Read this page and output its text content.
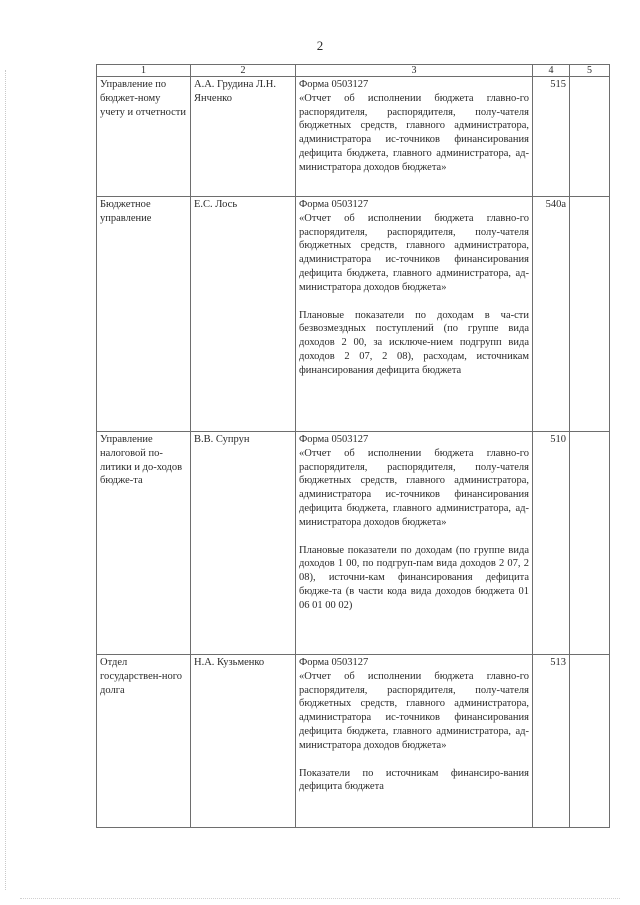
2
1	2	3	4	5
Управление по бюджет-ному учету и отчетности	А.А. Грудина Л.Н. Янченко	Форма 0503127
«Отчет об исполнении бюджета главно-го распорядителя, распорядителя, полу-чателя бюджетных средств, главного администратора, администратора ис-точников финансирования дефицита бюджета, главного администратора, ад-министратора доходов бюджета»	515	
Бюджетное управление	Е.С. Лось	Форма 0503127
«Отчет об исполнении бюджета главно-го распорядителя, распорядителя, полу-чателя бюджетных средств, главного администратора, администратора ис-точников финансирования дефицита бюджета, главного администратора, ад-министратора доходов бюджета»
Плановые показатели по доходам в ча-сти безвозмездных поступлений (по группе вида доходов 2 00, за исключе-нием подгрупп вида доходов 2 07, 2 08), расходам, источникам финансирования дефицита бюджета	540а	
Управление налоговой по-литики и до-ходов бюдже-та	В.В. Супрун	Форма 0503127
«Отчет об исполнении бюджета главно-го распорядителя, распорядителя, полу-чателя бюджетных средств, главного администратора, администратора ис-точников финансирования дефицита бюджета, главного администратора, ад-министратора доходов бюджета»
Плановые показатели по доходам (по группе вида доходов 1 00, по подгруп-пам вида доходов 2 07, 2 08), источни-кам финансирования дефицита бюдже-та (в части кода вида доходов бюджета 01 06 01 00 02)	510	
Отдел государствен-ного долга	Н.А. Кузьменко	Форма 0503127
«Отчет об исполнении бюджета главно-го распорядителя, распорядителя, полу-чателя бюджетных средств, главного администратора, администратора ис-точников финансирования дефицита бюджета, главного администратора, ад-министратора доходов бюджета»
Показатели по источникам финансиро-вания дефицита бюджета	513	
